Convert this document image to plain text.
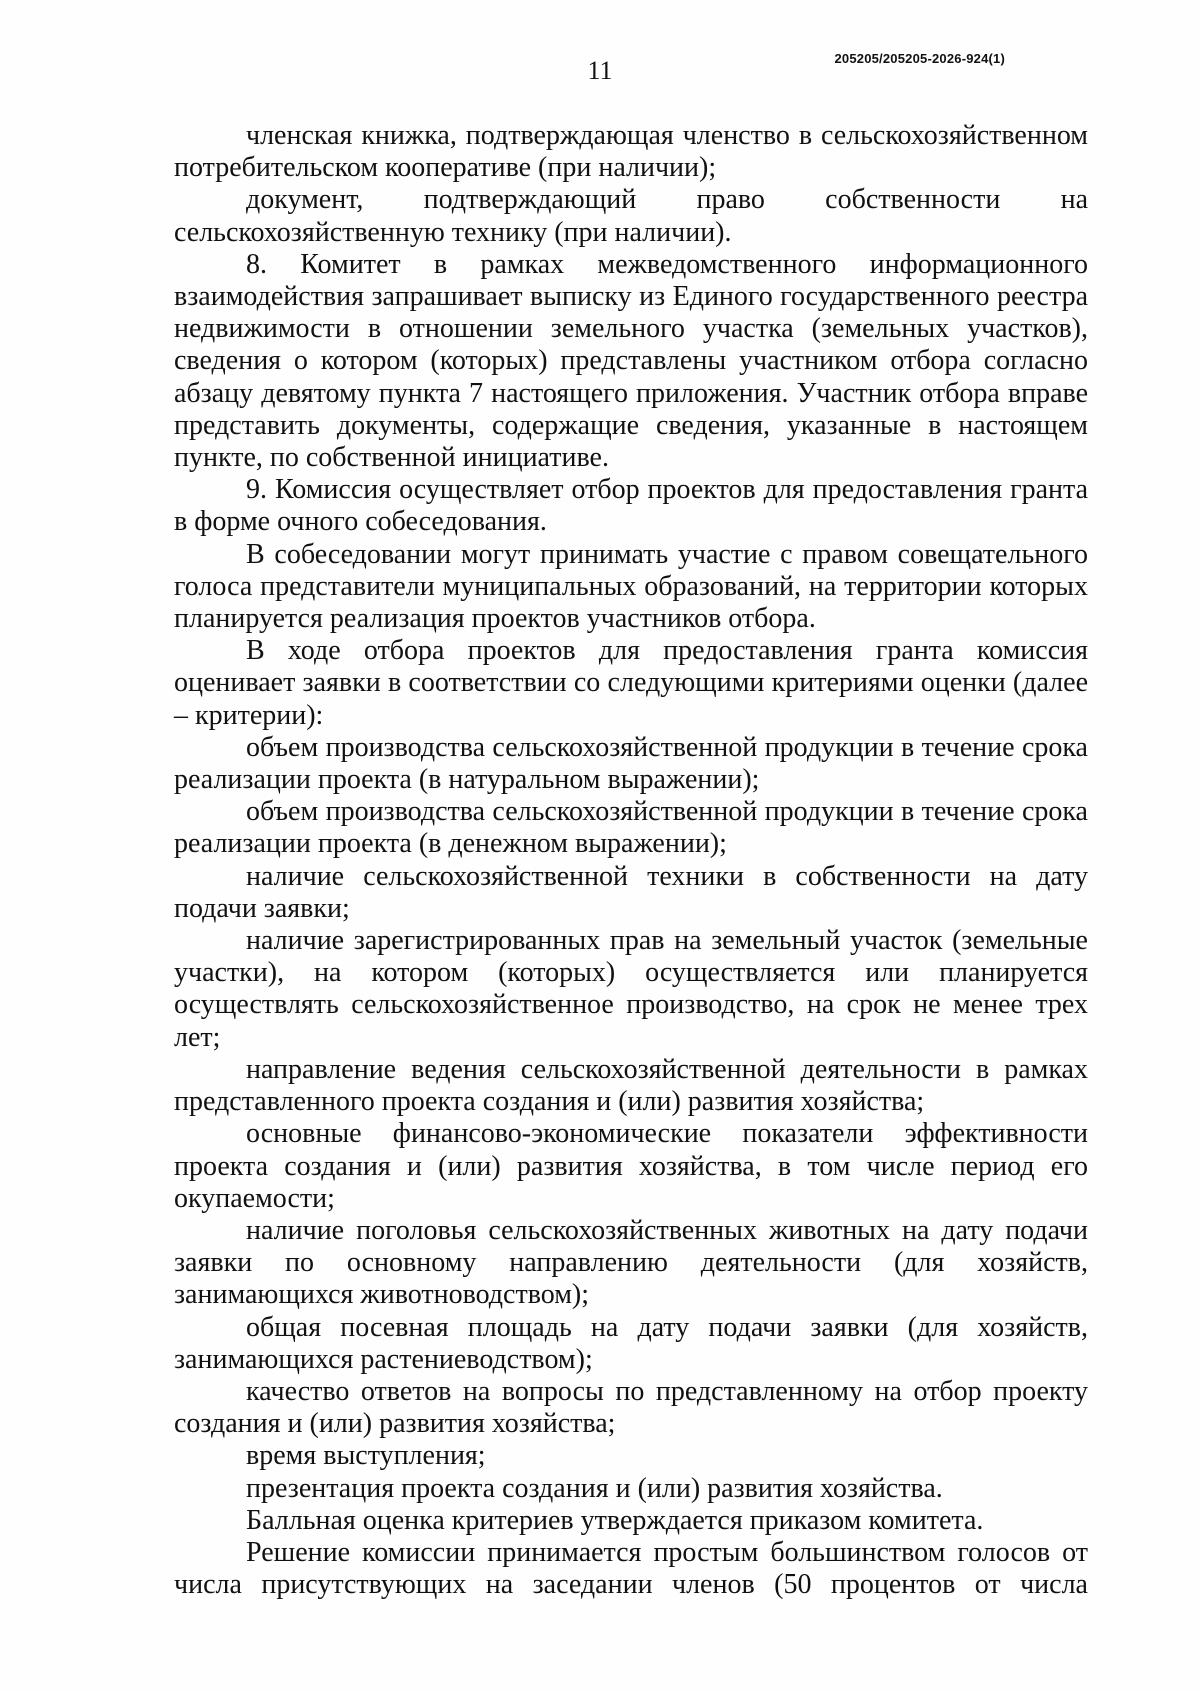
11	205205/205205-2026-924(1)

членская книжка, подтверждающая членство в сельскохозяйственном потребительском кооперативе (при наличии);

документ, подтверждающий право собственности на сельскохозяйственную технику (при наличии).

8. Комитет в рамках межведомственного информационного взаимодействия запрашивает выписку из Единого государственного реестра недвижимости в отношении земельного участка (земельных участков), сведения о котором (которых) представлены участником отбора согласно абзацу девятому пункта 7 настоящего приложения. Участник отбора вправе представить документы, содержащие сведения, указанные в настоящем пункте, по собственной инициативе.

9. Комиссия осуществляет отбор проектов для предоставления гранта в форме очного собеседования.

В собеседовании могут принимать участие с правом совещательного голоса представители муниципальных образований, на территории которых планируется реализация проектов участников отбора.

В ходе отбора проектов для предоставления гранта комиссия оценивает заявки в соответствии со следующими критериями оценки (далее – критерии):

объем производства сельскохозяйственной продукции в течение срока реализации проекта (в натуральном выражении);

объем производства сельскохозяйственной продукции в течение срока реализации проекта (в денежном выражении);

наличие сельскохозяйственной техники в собственности на дату подачи заявки;

наличие зарегистрированных прав на земельный участок (земельные участки), на котором (которых) осуществляется или планируется осуществлять сельскохозяйственное производство, на срок не менее трех лет;

направление ведения сельскохозяйственной деятельности в рамках представленного проекта создания и (или) развития хозяйства;

основные финансово-экономические показатели эффективности проекта создания и (или) развития хозяйства, в том числе период его окупаемости;

наличие поголовья сельскохозяйственных животных на дату подачи заявки по основному направлению деятельности (для хозяйств, занимающихся животноводством);

общая посевная площадь на дату подачи заявки (для хозяйств, занимающихся растениеводством);

качество ответов на вопросы по представленному на отбор проекту создания и (или) развития хозяйства;

время выступления;

презентация проекта создания и (или) развития хозяйства.

Балльная оценка критериев утверждается приказом комитета.

Решение комиссии принимается простым большинством голосов от числа присутствующих на заседании членов (50 процентов от числа
